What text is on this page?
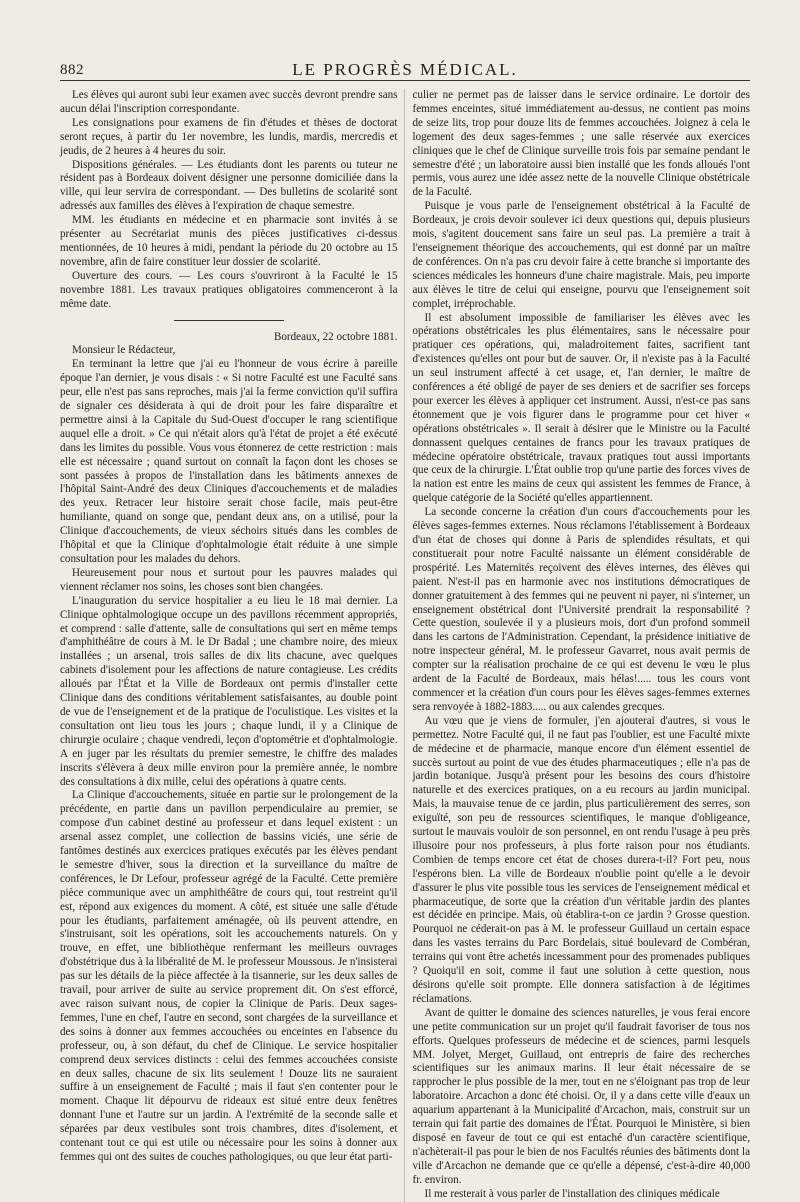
882	LE PROGRÈS MÉDICAL.

Les élèves qui auront subi leur examen avec succès devront prendre sans aucun délai l'inscription correspondante.

Les consignations pour examens de fin d'études et thèses de doctorat seront reçues, à partir du 1er novembre, les lundis, mardis, mercredis et jeudis, de 2 heures à 4 heures du soir.

Dispositions générales. — Les étudiants dont les parents ou tuteur ne résident pas à Bordeaux doivent désigner une personne domiciliée dans la ville, qui leur servira de correspondant. — Des bulletins de scolarité sont adressés aux familles des élèves à l'expiration de chaque semestre.

MM. les étudiants en médecine et en pharmacie sont invités à se présenter au Secrétariat munis des pièces justificatives ci-dessus mentionnées, de 10 heures à midi, pendant la période du 20 octobre au 15 novembre, afin de faire constituer leur dossier de scolarité.

Ouverture des cours. — Les cours s'ouvriront à la Faculté le 15 novembre 1881. Les travaux pratiques obligatoires commenceront à la même date.

Bordeaux, 22 octobre 1881.

Monsieur le Rédacteur,

En terminant la lettre que j'ai eu l'honneur de vous écrire à pareille époque l'an dernier, je vous disais : « Si notre Faculté est une Faculté sans peur, elle n'est pas sans reproches, mais j'ai la ferme conviction qu'il suffira de signaler ces désiderata à qui de droit pour les faire disparaître et permettre ainsi à la Capitale du Sud-Ouest d'occuper le rang scientifique auquel elle a droit. » Ce qui n'était alors qu'à l'état de projet a été exécuté dans les limites du possible. Vous vous étonnerez de cette restriction : mais elle est nécessaire ; quand surtout on connaît la façon dont les choses se sont passées à propos de l'installation dans les bâtiments annexes de l'hôpital Saint-André des deux Cliniques d'accouchements et de maladies des yeux. Retracer leur histoire serait chose facile, mais peut-être humiliante, quand on songe que, pendant deux ans, on a utilisé, pour la Clinique d'accouchements, de vieux séchoirs situés dans les combles de l'hôpital et que la Clinique d'ophtalmologie était réduite à une simple consultation pour les malades du dehors.

Heureusement pour nous et surtout pour les pauvres malades qui viennent réclamer nos soins, les choses sont bien changées.

L'inauguration du service hospitalier a eu lieu le 18 mai dernier. La Clinique ophtalmologique occupe un des pavillons récemment appropriés, et comprend : salle d'attente, salle de consultations qui sert en même temps d'amphithéâtre de cours à M. le Dr Badal ; une chambre noire, des mieux installées ; un arsenal, trois salles de dix lits chacune, avec quelques cabinets d'isolement pour les affections de nature contagieuse. Les crédits alloués par l'État et la Ville de Bordeaux ont permis d'installer cette Clinique dans des conditions véritablement satisfaisantes, au double point de vue de l'enseignement et de la pratique de l'oculistique. Les visites et la consultation ont lieu tous les jours ; chaque lundi, il y a Clinique de chirurgie oculaire ; chaque vendredi, leçon d'optométrie et d'ophtalmologie. A en juger par les résultats du premier semestre, le chiffre des malades inscrits s'élèvera à deux mille environ pour la première année, le nombre des consultations à dix mille, celui des opérations à quatre cents.

La Clinique d'accouchements, située en partie sur le prolongement de la précédente, en partie dans un pavillon perpendiculaire au premier, se compose d'un cabinet destiné au professeur et dans lequel existent : un arsenal assez complet, une collection de bassins viciés, une série de fantômes destinés aux exercices pratiques exécutés par les élèves pendant le semestre d'hiver, sous la direction et la surveillance du maître de conférences, le Dr Lefour, professeur agrégé de la Faculté. Cette première pièce communique avec un amphithéâtre de cours qui, tout restreint qu'il est, répond aux exigences du moment. A côté, est située une salle d'étude pour les étudiants, parfaitement aménagée, où ils peuvent attendre, en s'instruisant, soit les opérations, soit les accouchements naturels. On y trouve, en effet, une bibliothèque renfermant les meilleurs ouvrages d'obstétrique dus à la libéralité de M. le professeur Moussous. Je n'insisterai pas sur les détails de la pièce affectée à la tisannerie, sur les deux salles de travail, pour arriver de suite au service proprement dit. On s'est efforcé, avec raison suivant nous, de copier la Clinique de Paris. Deux sages-femmes, l'une en chef, l'autre en second, sont chargées de la surveillance et des soins à donner aux femmes accouchées ou enceintes en l'absence du professeur, ou, à son défaut, du chef de Clinique. Le service hospitalier comprend deux services distincts : celui des femmes accouchées consiste en deux salles, chacune de six lits seulement ! Douze lits ne sauraient suffire à un enseignement de Faculté ; mais il faut s'en contenter pour le moment. Chaque lit dépourvu de rideaux est situé entre deux fenêtres donnant l'une et l'autre sur un jardin. A l'extrémité de la seconde salle et séparées par deux vestibules sont trois chambres, dites d'isolement, et contenant tout ce qui est utile ou nécessaire pour les soins à donner aux femmes qui ont des suites de couches pathologiques, ou que leur état parti-

culier ne permet pas de laisser dans le service ordinaire. Le dortoir des femmes enceintes, situé immédiatement au-dessus, ne contient pas moins de seize lits, trop pour douze lits de femmes accouchées. Joignez à cela le logement des deux sages-femmes ; une salle réservée aux exercices cliniques que le chef de Clinique surveille trois fois par semaine pendant le semestre d'été ; un laboratoire aussi bien installé que les fonds alloués l'ont permis, vous aurez une idée assez nette de la nouvelle Clinique obstétricale de la Faculté.

Puisque je vous parle de l'enseignement obstétrical à la Faculté de Bordeaux, je crois devoir soulever ici deux questions qui, depuis plusieurs mois, s'agitent doucement sans faire un seul pas. La première a trait à l'enseignement théorique des accouchements, qui est donné par un maître de conférences. On n'a pas cru devoir faire à cette branche si importante des sciences médicales les honneurs d'une chaire magistrale. Mais, peu importe aux élèves le titre de celui qui enseigne, pourvu que l'enseignement soit complet, irréprochable.

Il est absolument impossible de familiariser les élèves avec les opérations obstétricales les plus élémentaires, sans le nécessaire pour pratiquer ces opérations, qui, maladroitement faites, sacrifient tant d'existences qu'elles ont pour but de sauver. Or, il n'existe pas à la Faculté un seul instrument affecté à cet usage, et, l'an dernier, le maître de conférences a été obligé de payer de ses deniers et de sacrifier ses forceps pour exercer les élèves à appliquer cet instrument. Aussi, n'est-ce pas sans étonnement que je vois figurer dans le programme pour cet hiver « opérations obstétricales ». Il serait à désirer que le Ministre ou la Faculté donnassent quelques centaines de francs pour les travaux pratiques de médecine opératoire obstétricale, travaux pratiques tout aussi importants que ceux de la chirurgie. L'État oublie trop qu'une partie des forces vives de la nation est entre les mains de ceux qui assistent les femmes de France, à quelque catégorie de la Société qu'elles appartiennent.

La seconde concerne la création d'un cours d'accouchements pour les élèves sages-femmes externes. Nous réclamons l'établissement à Bordeaux d'un état de choses qui donne à Paris de splendides résultats, et qui constituerait pour notre Faculté naissante un élément considérable de prospérité. Les Maternités reçoivent des élèves internes, des élèves qui paient. N'est-il pas en harmonie avec nos institutions démocratiques de donner gratuitement à des femmes qui ne peuvent ni payer, ni s'interner, un enseignement obstétrical dont l'Université prendrait la responsabilité ? Cette question, soulevée il y a plusieurs mois, dort d'un profond sommeil dans les cartons de l'Administration. Cependant, la présidence initiative de notre inspecteur général, M. le professeur Gavarret, nous avait permis de compter sur la réalisation prochaine de ce qui est devenu le vœu le plus ardent de la Faculté de Bordeaux, mais hélas!..... tous les cours vont commencer et la création d'un cours pour les élèves sages-femmes externes sera renvoyée à 1882-1883..... ou aux calendes grecques.

Au vœu que je viens de formuler, j'en ajouterai d'autres, si vous le permettez. Notre Faculté qui, il ne faut pas l'oublier, est une Faculté mixte de médecine et de pharmacie, manque encore d'un élément essentiel de succès surtout au point de vue des études pharmaceutiques ; elle n'a pas de jardin botanique. Jusqu'à présent pour les besoins des cours d'histoire naturelle et des exercices pratiques, on a eu recours au jardin municipal. Mais, la mauvaise tenue de ce jardin, plus particulièrement des serres, son exiguïté, son peu de ressources scientifiques, le manque d'obligeance, surtout le mauvais vouloir de son personnel, en ont rendu l'usage à peu près illusoire pour nos professeurs, à plus forte raison pour nos étudiants. Combien de temps encore cet état de choses durera-t-il? Fort peu, nous l'espérons bien. La ville de Bordeaux n'oublie point qu'elle a le devoir d'assurer le plus vite possible tous les services de l'enseignement médical et pharmaceutique, de sorte que la création d'un véritable jardin des plantes est décidée en principe. Mais, où établira-t-on ce jardin ? Grosse question. Pourquoi ne céderait-on pas à M. le professeur Guillaud un certain espace dans les vastes terrains du Parc Bordelais, situé boulevard de Combéran, terrains qui vont être achetés incessamment pour des promenades publiques ? Quoiqu'il en soit, comme il faut une solution à cette question, nous désirons qu'elle soit prompte. Elle donnera satisfaction à de légitimes réclamations.

Avant de quitter le domaine des sciences naturelles, je vous ferai encore une petite communication sur un projet qu'il faudrait favoriser de tous nos efforts. Quelques professeurs de médecine et de sciences, parmi lesquels MM. Jolyet, Merget, Guillaud, ont entrepris de faire des recherches scientifiques sur les animaux marins. Il leur était nécessaire de se rapprocher le plus possible de la mer, tout en ne s'éloignant pas trop de leur laboratoire. Arcachon a donc été choisi. Or, il y a dans cette ville d'eaux un aquarium appartenant à la Municipalité d'Arcachon, mais, construit sur un terrain qui fait partie des domaines de l'État. Pourquoi le Ministère, si bien disposé en faveur de tout ce qui est entaché d'un caractère scientifique, n'achèterait-il pas pour le bien de nos Facultés réunies des bâtiments dont la ville d'Arcachon ne demande que ce qu'elle a dépensé, c'est-à-dire 40,000 fr. environ.

Il me resterait à vous parler de l'installation des cliniques médicale
